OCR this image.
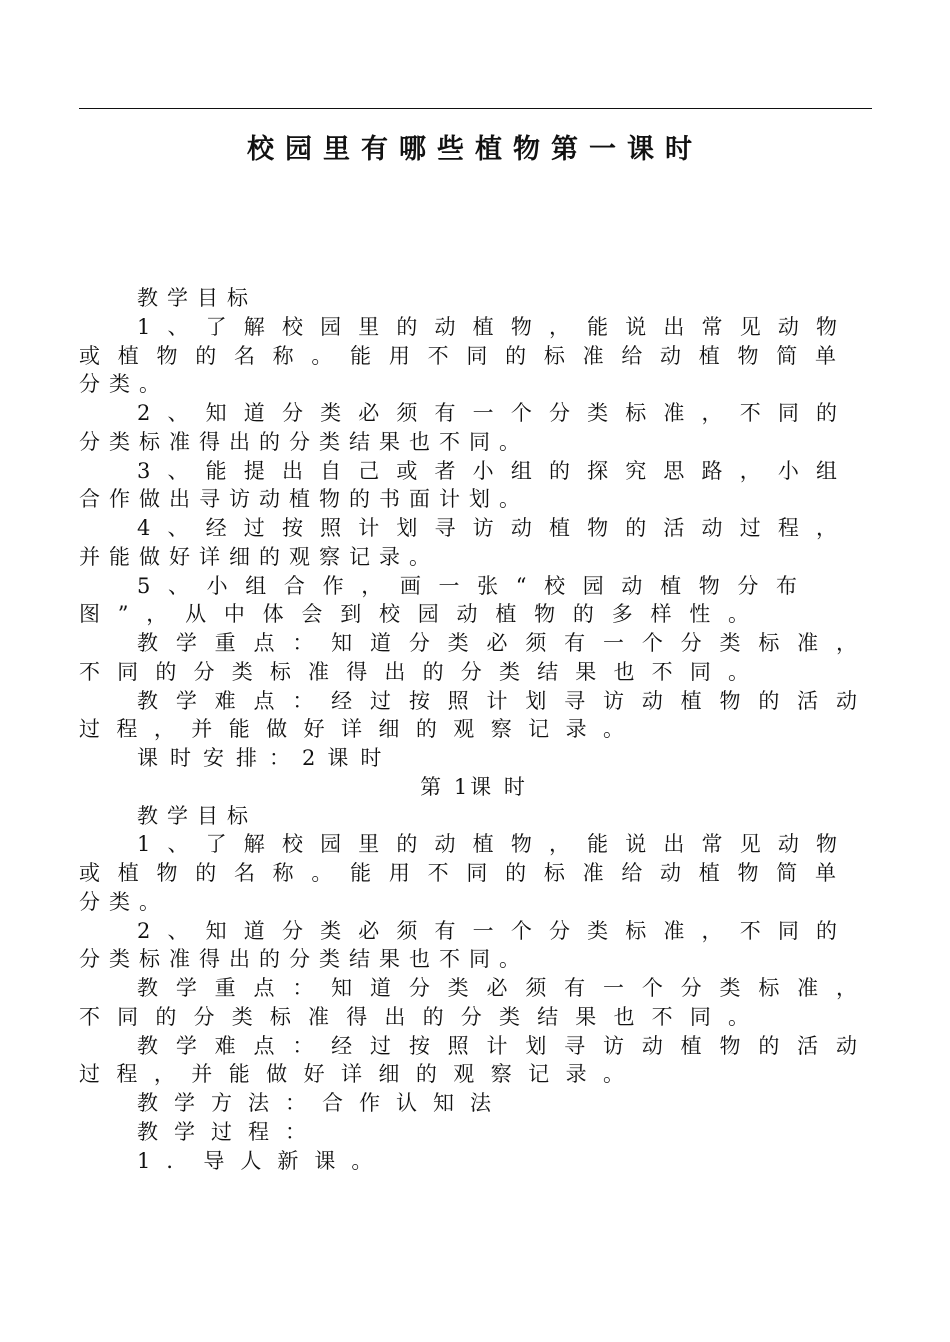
校园里有哪些植物第一课时
教学目标
1、了解校园里的动植物，能说出常见动物
或植物的名称。能用不同的标准给动植物简单
分类。
2、知道分类必须有一个分类标准，不同的
分类标准得出的分类结果也不同。
3、能提出自己或者小组的探究思路，小组
合作做出寻访动植物的书面计划。
4、经过按照计划寻访动植物的活动过程，
并能做好详细的观察记录。
5、小组合作，画一张“校园动植物分布
图”，从中体会到校园动植物的多样性。
教学重点：知道分类必须有一个分类标准，
不同的分类标准得出的分类结果也不同。
教学难点：经过按照计划寻访动植物的活动
过程，并能做好详细的观察记录。
课时安排：2课时
第 1课 时
教学目标
1、了解校园里的动植物，能说出常见动物
或植物的名称。能用不同的标准给动植物简单
分类。
2、知道分类必须有一个分类标准，不同的
分类标准得出的分类结果也不同。
教学重点：知道分类必须有一个分类标准，
不同的分类标准得出的分类结果也不同。
教学难点：经过按照计划寻访动植物的活动
过程，并能做好详细的观察记录。
教学方法：合作认知法
教学过程：
1．导人新课。
